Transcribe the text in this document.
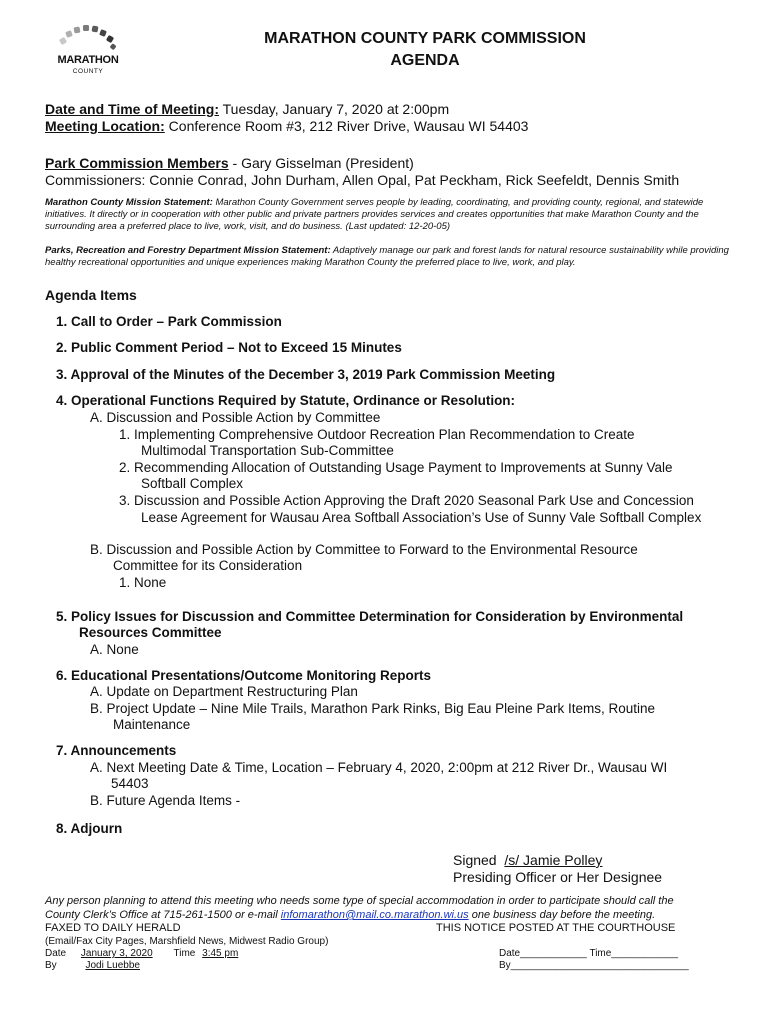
MARATHON
COUNTY
MARATHON COUNTY PARK COMMISSION
AGENDA
Date and Time of Meeting: Tuesday, January 7, 2020 at 2:00pm
Meeting Location: Conference Room #3, 212 River Drive, Wausau WI 54403
Park Commission Members - Gary Gisselman (President)
Commissioners: Connie Conrad, John Durham, Allen Opal, Pat Peckham, Rick Seefeldt, Dennis Smith
Marathon County Mission Statement: Marathon County Government serves people by leading, coordinating, and providing county, regional, and statewide initiatives. It directly or in cooperation with other public and private partners provides services and creates opportunities that make Marathon County and the surrounding area a preferred place to live, work, visit, and do business. (Last updated: 12-20-05)
Parks, Recreation and Forestry Department Mission Statement: Adaptively manage our park and forest lands for natural resource sustainability while providing healthy recreational opportunities and unique experiences making Marathon County the preferred place to live, work, and play.
Agenda Items
1. Call to Order – Park Commission
2. Public Comment Period – Not to Exceed 15 Minutes
3. Approval of the Minutes of the December 3, 2019 Park Commission Meeting
4. Operational Functions Required by Statute, Ordinance or Resolution:
A. Discussion and Possible Action by Committee
1. Implementing Comprehensive Outdoor Recreation Plan Recommendation to Create
Multimodal Transportation Sub-Committee
2. Recommending Allocation of Outstanding Usage Payment to Improvements at Sunny Vale
Softball Complex
3. Discussion and Possible Action Approving the Draft 2020 Seasonal Park Use and Concession
Lease Agreement for Wausau Area Softball Association’s Use of Sunny Vale Softball Complex
B. Discussion and Possible Action by Committee to Forward to the Environmental Resource
Committee for its Consideration
1. None
5. Policy Issues for Discussion and Committee Determination for Consideration by Environmental
Resources Committee
A. None
6. Educational Presentations/Outcome Monitoring Reports
A. Update on Department Restructuring Plan
B. Project Update – Nine Mile Trails, Marathon Park Rinks, Big Eau Pleine Park Items, Routine
Maintenance
7. Announcements
A. Next Meeting Date & Time, Location – February 4, 2020, 2:00pm at 212 River Dr., Wausau WI
54403
B. Future Agenda Items -
8. Adjourn
Signed /s/ Jamie Polley
Presiding Officer or Her Designee
Any person planning to attend this meeting who needs some type of special accommodation in order to participate should call the
County Clerk’s Office at 715-261-1500 or e-mail infomarathon@mail.co.marathon.wi.us one business day before the meeting.
FAXED TO DAILY HERALD	THIS NOTICE POSTED AT THE COURTHOUSE
(Email/Fax City Pages, Marshfield News, Midwest Radio Group)
Date January 3, 2020 Time 3:45 pm
By	Jodi Luebbe
Date____________ Time____________
By________________________________
